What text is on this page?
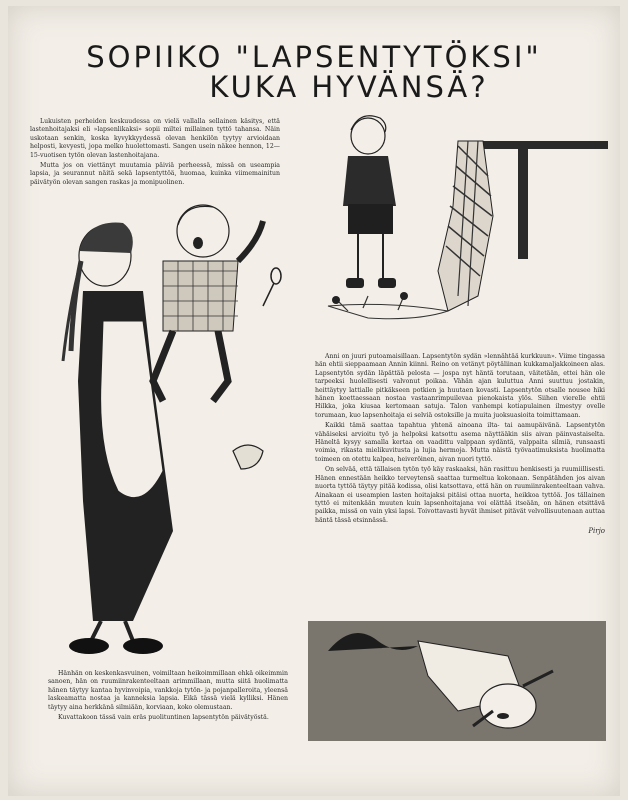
SOPIIKO "LAPSENTYTÖKSI"
KUKA HYVÄNSÄ?

Lukuisten perheiden keskuudessa on vielä vallalla sellainen käsitys, että lastenhoitajaksi eli »lapsenlikaksi» sopii miltei millainen tyttö tahansa. Näin uskotaan senkin, koska kyvykkyydessä olevan henkilön tyytyy arvioidaan helposti, kevyesti, jopa melko huolettomasti. Sangen usein näkee hennon, 12—15-vuotisen tytön olevan lastenhoitajana.

Mutta jos on viettänyt muutamia päiviä perheessä, missä on useampia lapsia, ja seurannut näitä sekä lapsentyttöä, huomaa, kuinka viimemainitun päivätyön olevan sangen raskas ja monipuolinen.

Anni on juuri putoamaisillaan. Lapsentytön sydän »lennähtää kurkkuun». Viime tingassa hän ehtii sieppaamaan Annin kiinni. Reino on vetänyt pöytäliinan kukkamaljakkoineen alas. Lapsentytön sydän läpättää pelosta — jospa nyt häntä torutaan, väitetään, ettei hän ole tarpeeksi huolellisesti valvonut poikaa. Vähän ajan kuluttua Anni suuttuu jostakin, heittäytyy lattialle pitkäkseen potkien ja huutaen kovasti. Lapsentytön otsalle nousee hiki hänen koettaessaan nostaa vastaanrimpuilevaa pienokaista ylös. Siihen vierelle ehtii Hilkka, joka kiusaa kertomaan satuja. Talon vanhempi kotiapulainen ilmestyy ovelle torumaan, kuo lapsenhoitaja ei selviä ostoksille ja muita juoksuasioita toimittamaan.

Kaikki tämä saattaa tapahtua yhtenä ainoana ilta- tai aamupäivänä. Lapsentytön vähäiseksi arvioitu työ ja helpoksi katsottu asema näyttääkin siis aivan päinvastaiselta. Häneltä kysyy samalla kertaa on vaadittu valppaan sydäntä, valppaita silmiä, runsaasti voimia, rikasta mielikuvitusta ja lujia hermoja. Mutta näistä työvaatimuksista huolimatta toimeen on otettu kalpea, heiveröinen, aivan nuori tyttö.

On selvää, että tällaisen tytön työ käy raskaaksi, hän rasittuu henkisesti ja ruumiillisesti. Hänen ennestään heikko terveytensä saattaa turmeltua kokonaan. Senpätähden jos aivan nuorta tyttöä täytyy pitää kodissa, olisi katsottava, että hän on ruumiinrakenteeltaan vahva. Ainakaan ei useampien lasten hoitajaksi pitäisi ottaa nuorta, heikkoa tyttöä. Jos tällainen tyttö ei mitenkään muuten kuin lapsenhoitajana voi elättää itseään, on hänen etsittävä paikka, missä on vain yksi lapsi. Toivottavasti hyvät ihmiset pitävät velvollisuutenaan auttaa häntä tässä etsinnässä.

Pirjo

Hänhän on keskenkasvuinen, voimiltaan heikoimmillaan ehkä oikeimmin sanoen, hän on ruumiinrakenteeltaan arimmillaan, mutta siitä huolimatta hänen täytyy kantaa hyvinvoipia, vankkoja tytön- ja pojanpalleroita, yleensä laskeamatta nostaa ja kanneksia lapsia. Eikä tässä vielä kylliksi. Hänen täytyy aina herkkänä silmiään, korviaan, koko olemustaan.

Kuvattakoon tässä vain eräs puolituntinen lapsentytön päivätyöstä.
